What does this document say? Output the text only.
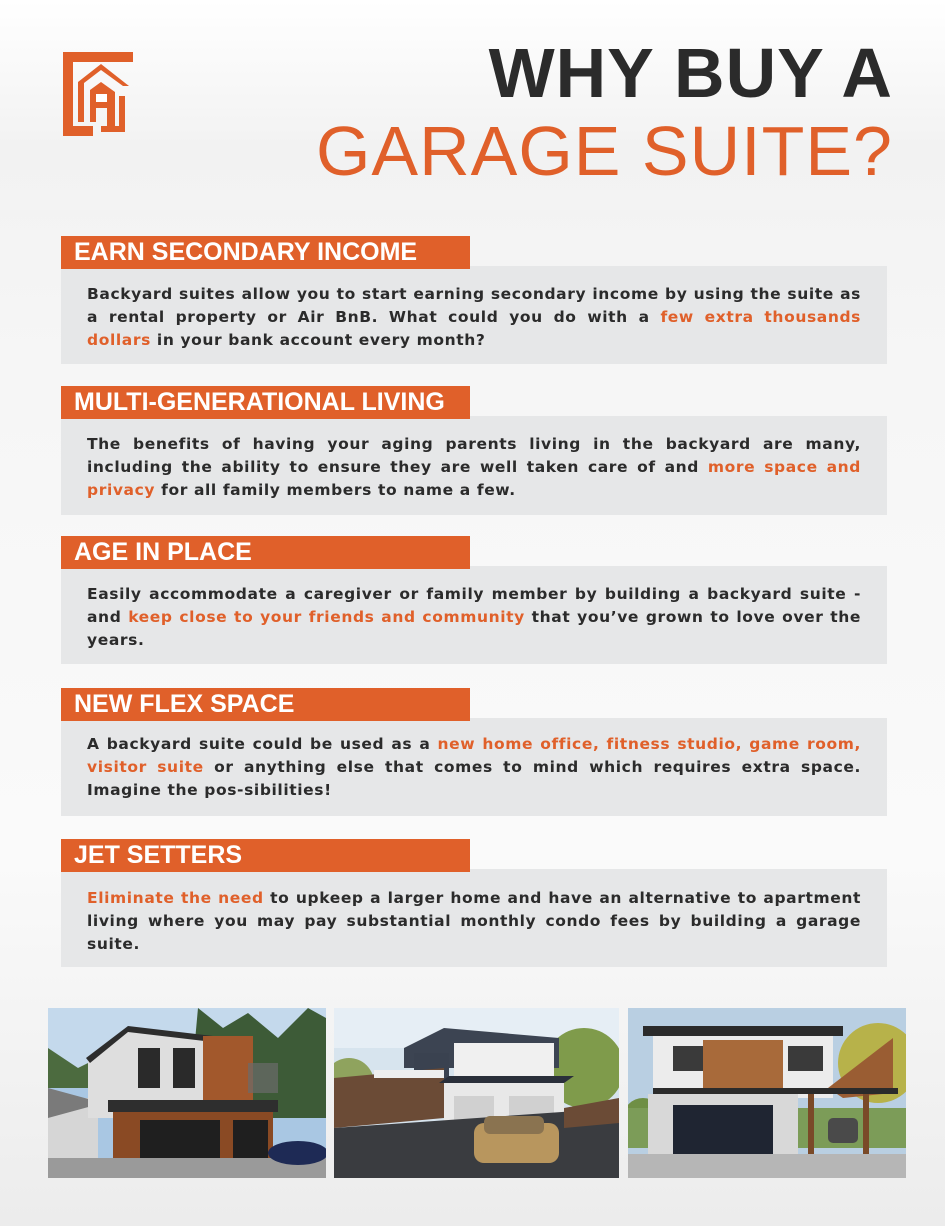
WHY BUY A
GARAGE SUITE?
EARN SECONDARY INCOME

Backyard suites allow you to start earning secondary income by using the suite as a rental property or Air BnB. What could you do with a few extra thousands dollars in your bank account every month?

MULTI-GENERATIONAL LIVING

The benefits of having your aging parents living in the backyard are many, including the ability to ensure they are well taken care of and more space and privacy for all family members to name a few.

AGE IN PLACE

Easily accommodate a caregiver or family member by building a backyard suite - and keep close to your friends and community that you’ve grown to love over the years.

NEW FLEX SPACE

A backyard suite could be used as a new home office, fitness studio, game room, visitor suite or anything else that comes to mind which requires extra space. Imagine the pos-sibilities!

JET SETTERS

Eliminate the need to upkeep a larger home and have an alternative to apartment living where you may pay substantial monthly condo fees by building a garage suite.
